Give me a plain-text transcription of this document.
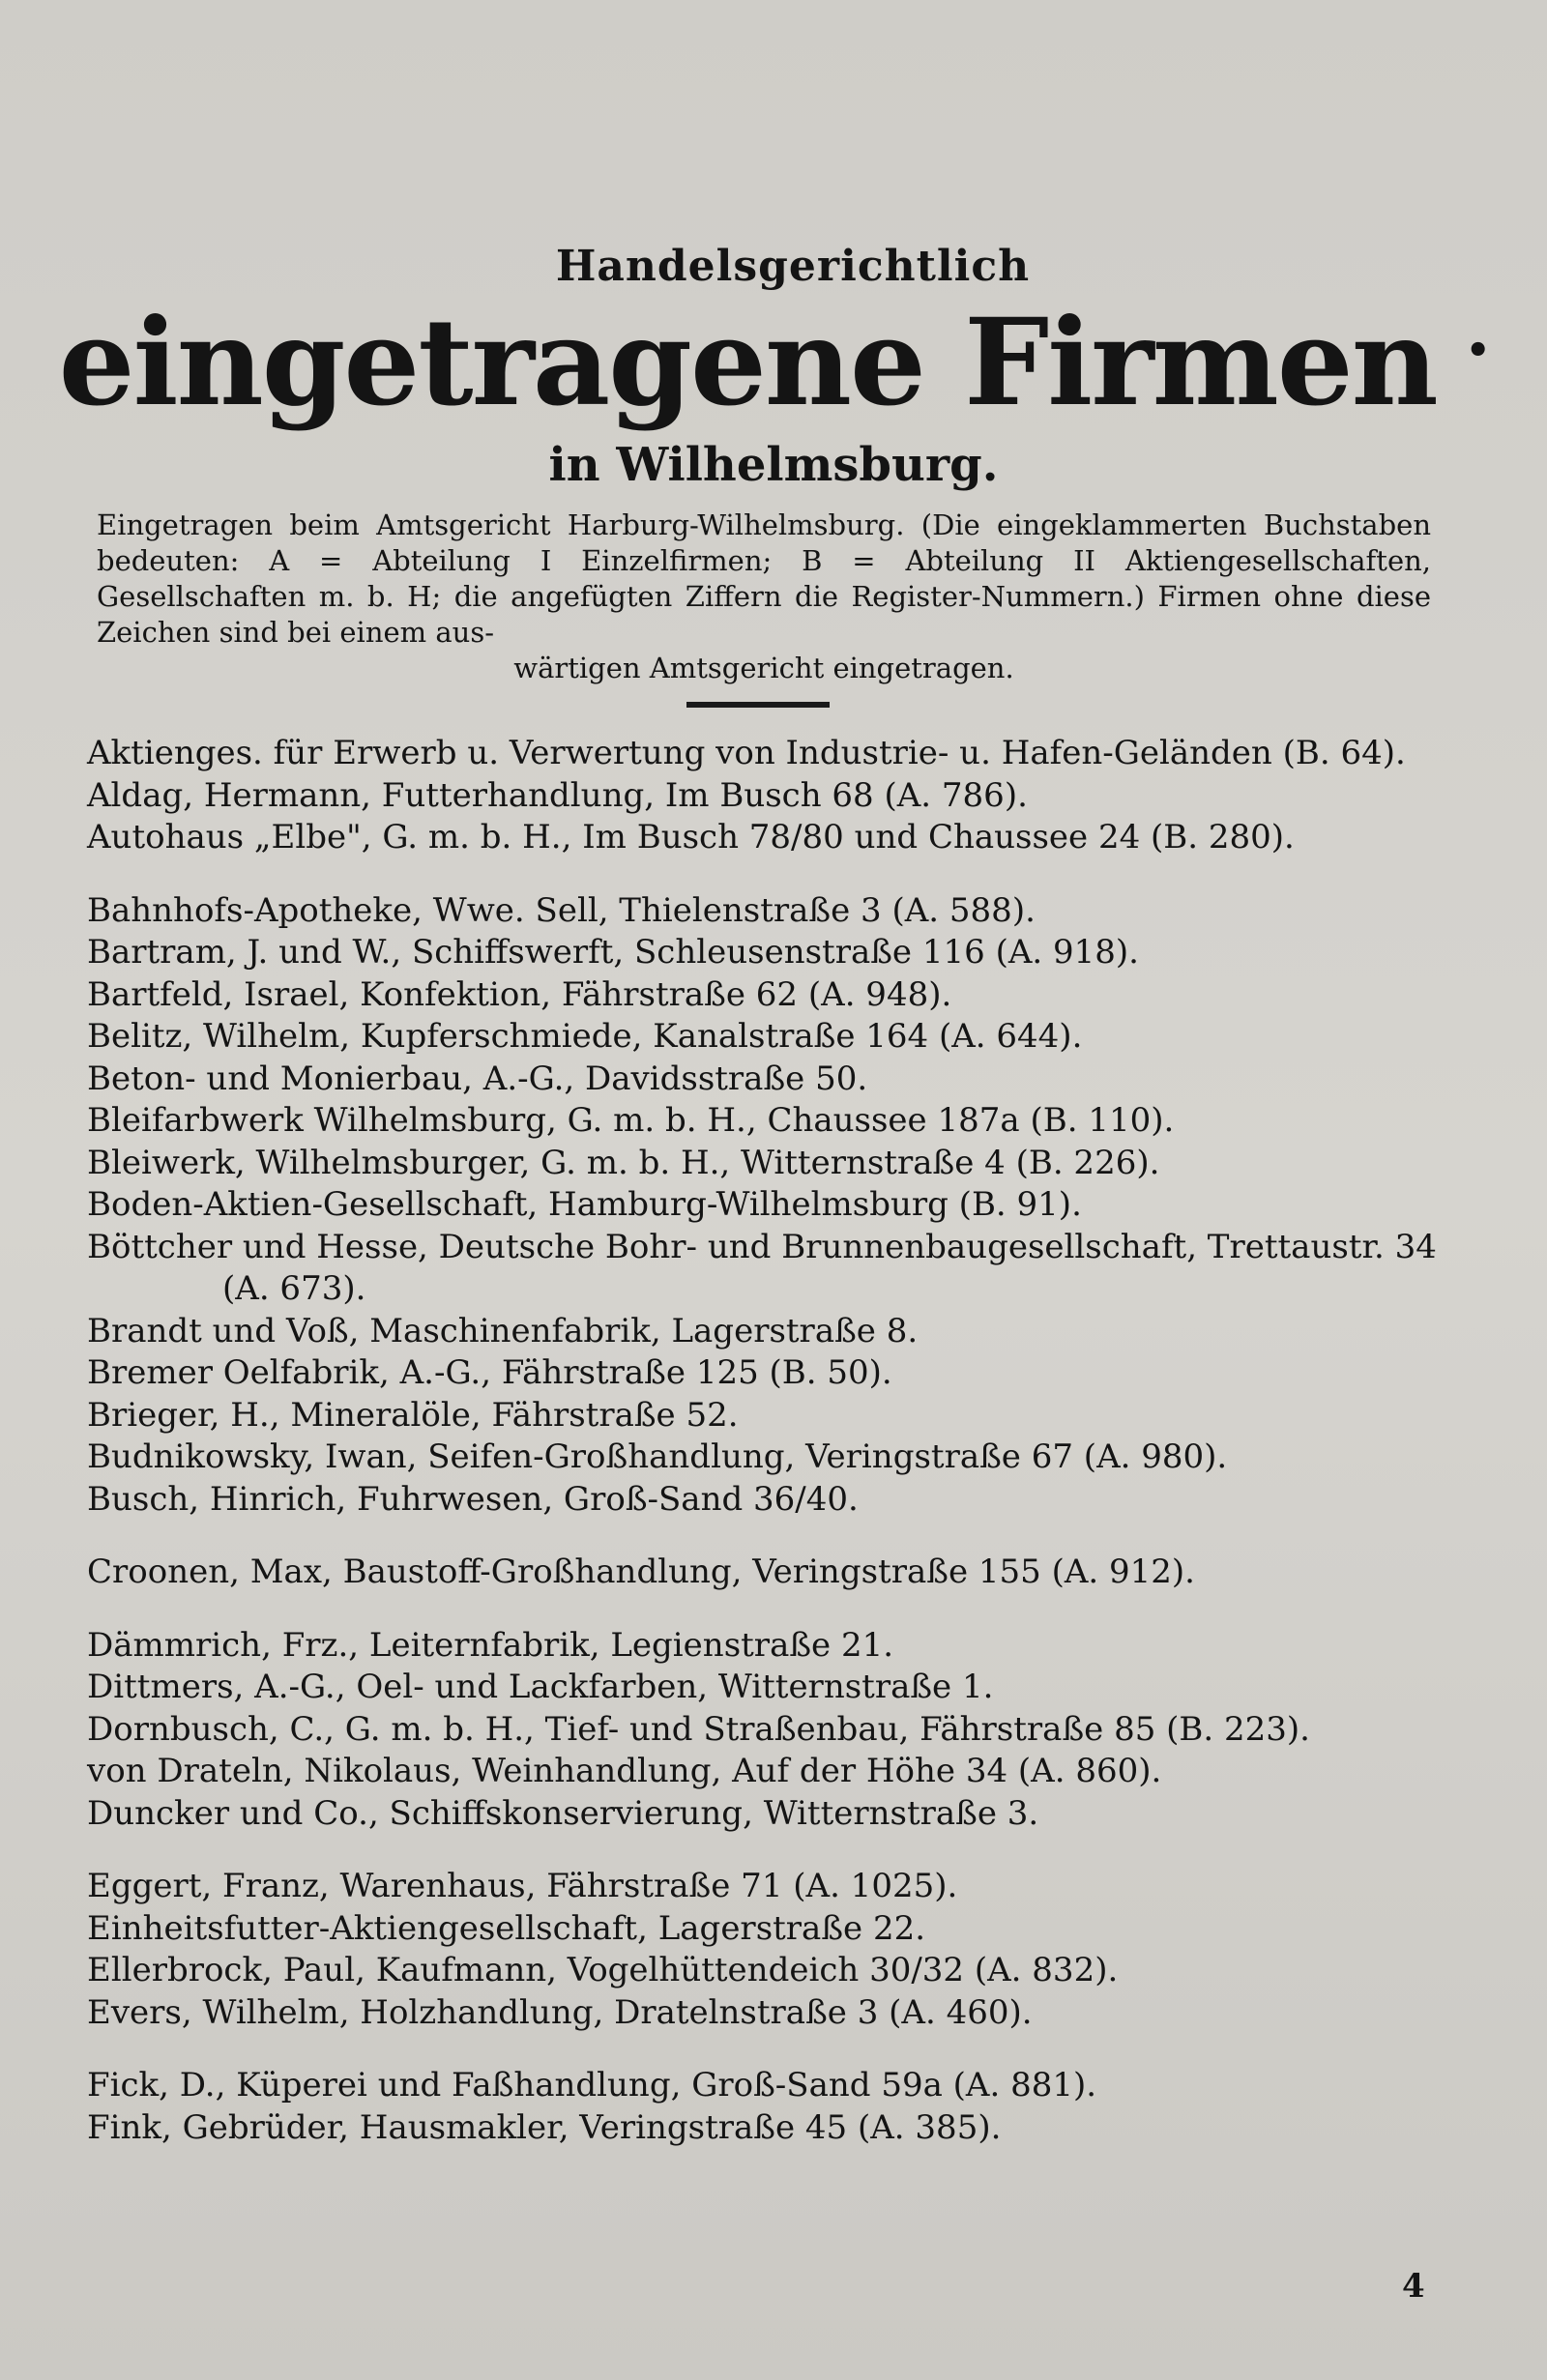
Handelsgerichtlich
eingetragene Firmen •
in Wilhelmsburg.
Eingetragen beim Amtsgericht Harburg-Wilhelmsburg. (Die eingeklammerten Buchstaben bedeuten: A = Abteilung I Einzelfirmen; B = Abteilung II Aktiengesellschaften, Gesellschaften m. b. H; die angefügten Ziffern die Register-Nummern.) Firmen ohne diese Zeichen sind bei einem aus-
wärtigen Amtsgericht eingetragen.
Aktienges. für Erwerb u. Verwertung von Industrie- u. Hafen-Geländen (B. 64).
Aldag, Hermann, Futterhandlung, Im Busch 68 (A. 786).
Autohaus „Elbe", G. m. b. H., Im Busch 78/80 und Chaussee 24 (B. 280).
Bahnhofs-Apotheke, Wwe. Sell, Thielenstraße 3 (A. 588).
Bartram, J. und W., Schiffswerft, Schleusenstraße 116 (A. 918).
Bartfeld, Israel, Konfektion, Fährstraße 62 (A. 948).
Belitz, Wilhelm, Kupferschmiede, Kanalstraße 164 (A. 644).
Beton- und Monierbau, A.-G., Davidsstraße 50.
Bleifarbwerk Wilhelmsburg, G. m. b. H., Chaussee 187a (B. 110).
Bleiwerk, Wilhelmsburger, G. m. b. H., Witternstraße 4 (B. 226).
Boden-Aktien-Gesellschaft, Hamburg-Wilhelmsburg (B. 91).
Böttcher und Hesse, Deutsche Bohr- und Brunnenbaugesellschaft, Trettaustr. 34
(A. 673).
Brandt und Voß, Maschinenfabrik, Lagerstraße 8.
Bremer Oelfabrik, A.-G., Fährstraße 125 (B. 50).
Brieger, H., Mineralöle, Fährstraße 52.
Budnikowsky, Iwan, Seifen-Großhandlung, Veringstraße 67 (A. 980).
Busch, Hinrich, Fuhrwesen, Groß-Sand 36/40.
Croonen, Max, Baustoff-Großhandlung, Veringstraße 155 (A. 912).
Dämmrich, Frz., Leiternfabrik, Legienstraße 21.
Dittmers, A.-G., Oel- und Lackfarben, Witternstraße 1.
Dornbusch, C., G. m. b. H., Tief- und Straßenbau, Fährstraße 85 (B. 223).
von Drateln, Nikolaus, Weinhandlung, Auf der Höhe 34 (A. 860).
Duncker und Co., Schiffskonservierung, Witternstraße 3.
Eggert, Franz, Warenhaus, Fährstraße 71 (A. 1025).
Einheitsfutter-Aktiengesellschaft, Lagerstraße 22.
Ellerbrock, Paul, Kaufmann, Vogelhüttendeich 30/32 (A. 832).
Evers, Wilhelm, Holzhandlung, Dratelnstraße 3 (A. 460).
Fick, D., Küperei und Faßhandlung, Groß-Sand 59a (A. 881).
Fink, Gebrüder, Hausmakler, Veringstraße 45 (A. 385).
4
